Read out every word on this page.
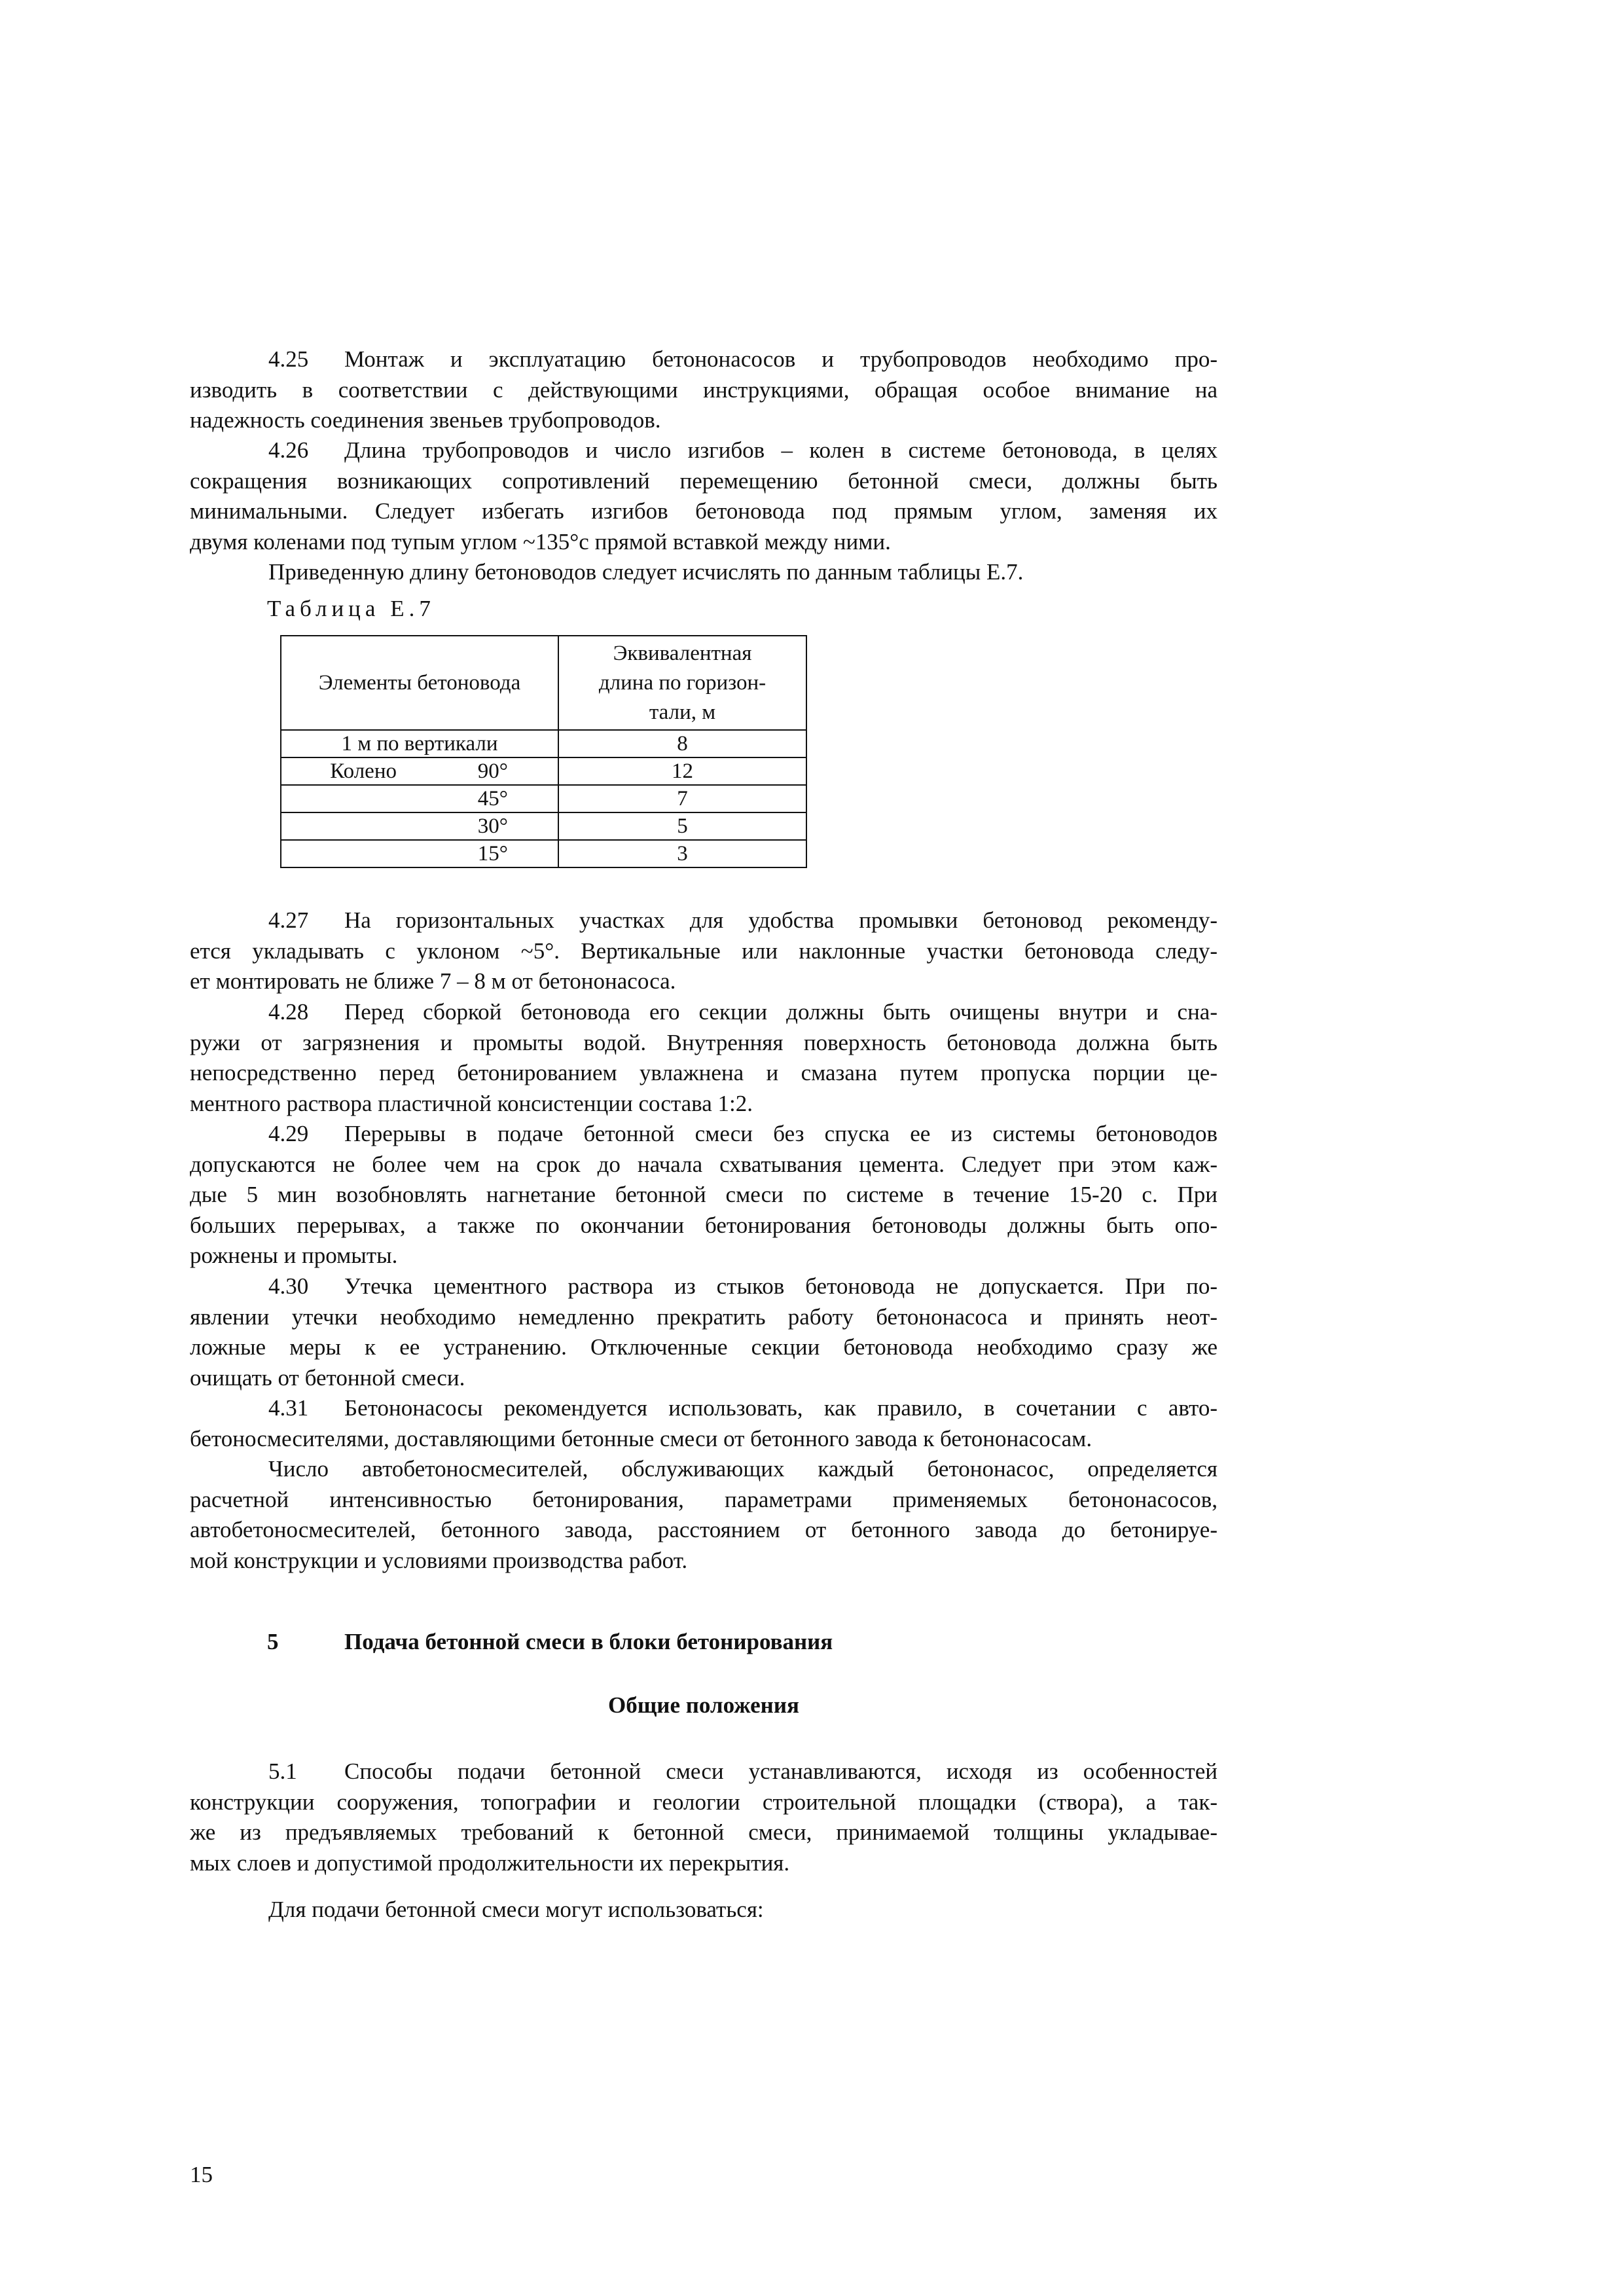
4.25 Монтаж и эксплуатацию бетононасосов и трубопроводов необходимо про-
изводить в соответствии с действующими инструкциями, обращая особое внимание на
надежность соединения звеньев трубопроводов.
4.26 Длина трубопроводов и число изгибов – колен в системе бетоновода, в целях
сокращения возникающих сопротивлений перемещению бетонной смеси, должны быть
минимальными. Следует избегать изгибов бетоновода под прямым углом, заменяя их
двумя коленами под тупым углом ~135°с прямой вставкой между ними.
Приведенную длину бетоноводов следует исчислять по данным таблицы Е.7.
Таблица Е.7
Элементы бетоновода	Эквивалентная
длина по горизон-
тали, м

1 м по вертикали	8
Колено 90°	12
45°	7
30°	5
15°	3
4.27 На горизонтальных участках для удобства промывки бетоновод рекоменду-
ется укладывать с уклоном ~5°. Вертикальные или наклонные участки бетоновода следу-
ет монтировать не ближе 7 – 8 м от бетононасоса.
4.28 Перед сборкой бетоновода его секции должны быть очищены внутри и сна-
ружи от загрязнения и промыты водой. Внутренняя поверхность бетоновода должна быть
непосредственно перед бетонированием увлажнена и смазана путем пропуска порции це-
ментного раствора пластичной консистенции состава 1:2.
4.29 Перерывы в подаче бетонной смеси без спуска ее из системы бетоноводов
допускаются не более чем на срок до начала схватывания цемента. Следует при этом каж-
дые 5 мин возобновлять нагнетание бетонной смеси по системе в течение 15-20 с. При
больших перерывах, а также по окончании бетонирования бетоноводы должны быть опо-
рожнены и промыты.
4.30 Утечка цементного раствора из стыков бетоновода не допускается. При по-
явлении утечки необходимо немедленно прекратить работу бетононасоса и принять неот-
ложные меры к ее устранению. Отключенные секции бетоновода необходимо сразу же
очищать от бетонной смеси.
4.31 Бетононасосы рекомендуется использовать, как правило, в сочетании с авто-
бетоносмесителями, доставляющими бетонные смеси от бетонного завода к бетононасосам.
Число автобетоносмесителей, обслуживающих каждый бетононасос, определяется
расчетной интенсивностью бетонирования, параметрами применяемых бетононасосов,
автобетоносмесителей, бетонного завода, расстоянием от бетонного завода до бетонируе-
мой конструкции и условиями производства работ.
5	Подача бетонной смеси в блоки бетонирования
Общие положения
5.1 Способы подачи бетонной смеси устанавливаются, исходя из особенностей
конструкции сооружения, топографии и геологии строительной площадки (створа), а так-
же из предъявляемых требований к бетонной смеси, принимаемой толщины укладывае-
мых слоев и допустимой продолжительности их перекрытия.
Для подачи бетонной смеси могут использоваться:
15
